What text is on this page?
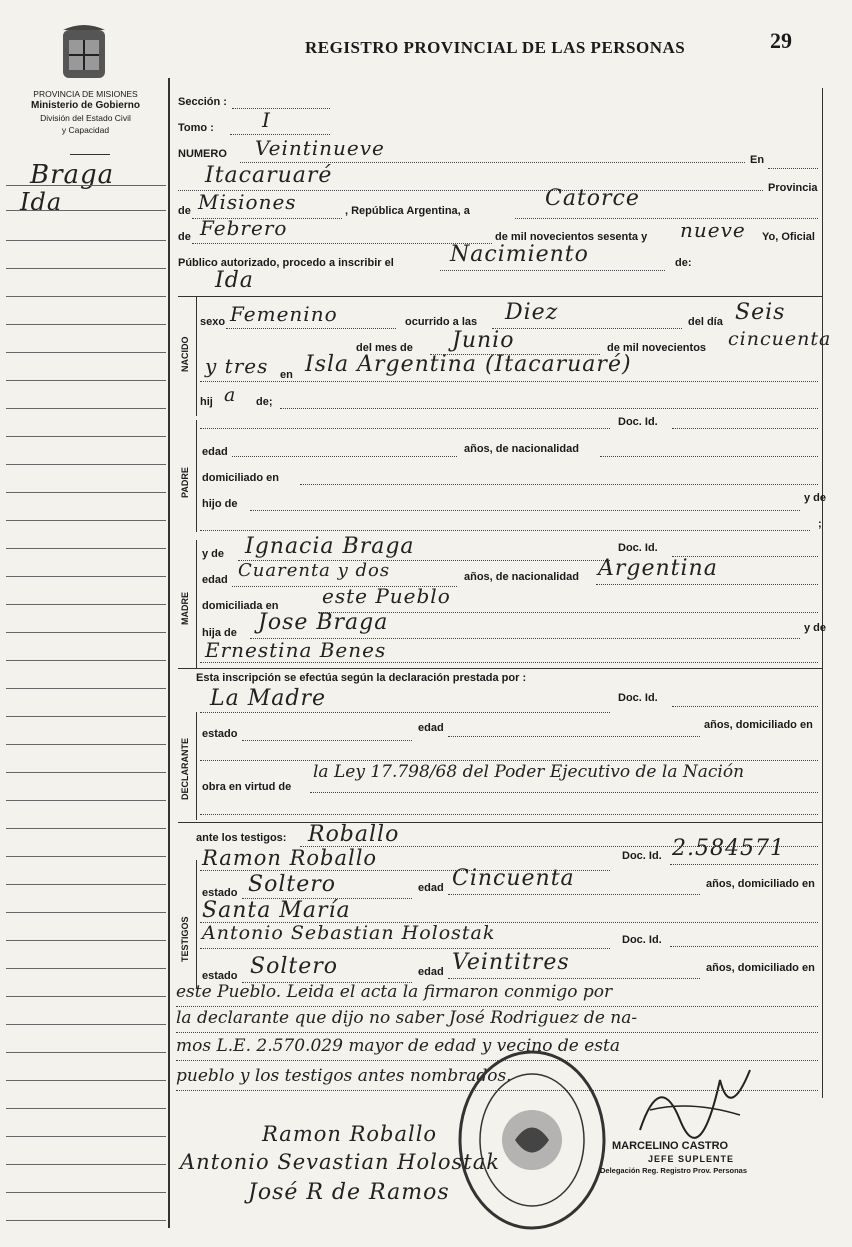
PROVINCIA DE MISIONES
Ministerio de Gobierno
División del Estado Civil
y Capacidad
REGISTRO PROVINCIAL DE LAS PERSONAS	29
Braga
Ida
Sección :
Tomo : I
NUMERO Veintinueve	En
Itacaruaré	Provincia
de Misiones	, República Argentina, a	Catorce
de Febrero	de mil novecientos sesenta y nueve Yo, Oficial
Público autorizado, procedo a inscribir el	Nacimiento	de:
Ida
NACIDO
sexo Femenino	ocurrido a las Diez	del día Seis
del mes de Junio	de mil novecientos cincuenta
y tres en Isla Argentina (Itacaruaré)
hij a de;
Doc. Id.
PADRE
edad	años, de nacionalidad
domiciliado en
hijo de	y de
;
MADRE
y de Ignacia Braga	Doc. Id.
edad Cuarenta y dos	años, de nacionalidad Argentina
domiciliada en este Pueblo
hija de Jose Braga	y de
Ernestina Benes
Esta inscripción se efectúa según la declaración prestada por :
DECLARANTE
La Madre	Doc. Id.
estado	edad	años, domiciliado en
obra en virtud de
la Ley 17.798/68 del Poder Ejecutivo de la Nación
ante los testigos:
TESTIGOS
Roballo
Ramon Roballo	Doc. Id. 2.584571
estado Soltero	edad Cincuenta	años, domiciliado en
Santa María
Antonio Sebastian Holostak	Doc. Id.
estado Soltero	edad Veintitres	años, domiciliado en
este Pueblo. Leida el acta la firmaron conmigo por
la declarante que dijo no saber José Rodriguez de na-
mos L.E. 2.570.029 mayor de edad y vecino de esta
pueblo y los testigos antes nombrados.
Ramon Roballo
Antonio Sevastian Holostak
José R de Ramos
MARCELINO CASTRO
JEFE SUPLENTE
Delegación Reg. Registro Prov. Personas
